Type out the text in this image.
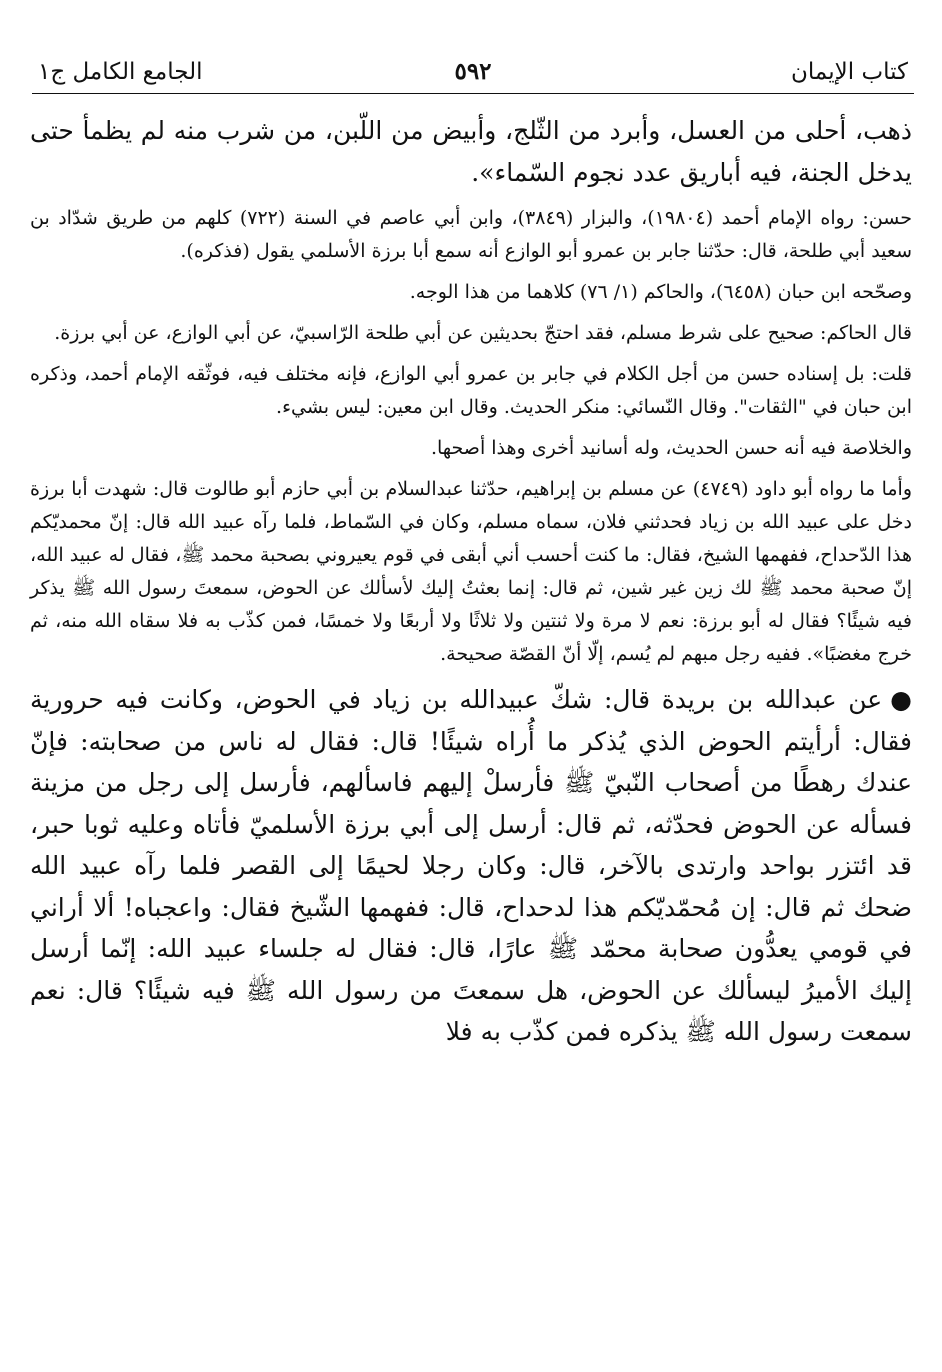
كتاب الإيمان
٥٩٢
الجامع الكامل ج١

ذهب، أحلى من العسل، وأبرد من الثّلج، وأبيض من اللّبن، من شرب منه لم يظمأ حتى يدخل الجنة، فيه أباريق عدد نجوم السّماء».

حسن: رواه الإمام أحمد (١٩٨٠٤)، والبزار (٣٨٤٩)، وابن أبي عاصم في السنة (٧٢٢) كلهم من طريق شدّاد بن سعيد أبي طلحة، قال: حدّثنا جابر بن عمرو أبو الوازع أنه سمع أبا برزة الأسلمي يقول (فذكره).

وصحّحه ابن حبان (٦٤٥٨)، والحاكم (١/ ٧٦) كلاهما من هذا الوجه.

قال الحاكم: صحيح على شرط مسلم، فقد احتجّ بحديثين عن أبي طلحة الرّاسبيّ، عن أبي الوازع، عن أبي برزة.

قلت: بل إسناده حسن من أجل الكلام في جابر بن عمرو أبي الوازع، فإنه مختلف فيه، فوثّقه الإمام أحمد، وذكره ابن حبان في "الثقات". وقال النّسائي: منكر الحديث. وقال ابن معين: ليس بشيء.

والخلاصة فيه أنه حسن الحديث، وله أسانيد أخرى وهذا أصحها.

وأما ما رواه أبو داود (٤٧٤٩) عن مسلم بن إبراهيم، حدّثنا عبدالسلام بن أبي حازم أبو طالوت قال: شهدت أبا برزة دخل على عبيد الله بن زياد فحدثني فلان، سماه مسلم، وكان في السّماط، فلما رآه عبيد الله قال: إنّ محمديّكم هذا الدّحداح، ففهمها الشيخ، فقال: ما كنت أحسب أني أبقى في قوم يعيروني بصحبة محمد ﷺ، فقال له عبيد الله، إنّ صحبة محمد ﷺ لك زين غير شين، ثم قال: إنما بعثتُ إليك لأسألك عن الحوض، سمعتَ رسول الله ﷺ يذكر فيه شيئًا؟ فقال له أبو برزة: نعم لا مرة ولا ثنتين ولا ثلاثًا ولا أربعًا ولا خمسًا، فمن كذّب به فلا سقاه الله منه، ثم خرج مغضبًا». ففيه رجل مبهم لم يُسم، إلّا أنّ القصّة صحيحة.

●عن عبدالله بن بريدة قال: شكّ عبيدالله بن زياد في الحوض، وكانت فيه حرورية فقال: أرأيتم الحوض الذي يُذكر ما أُراه شيئًا! قال: فقال له ناس من صحابته: فإنّ عندك رهطًا من أصحاب النّبيّ ﷺ فأرسلْ إليهم فاسألهم، فأرسل إلى رجل من مزينة فسأله عن الحوض فحدّثه، ثم قال: أرسل إلى أبي برزة الأسلميّ فأتاه وعليه ثوبا حبر، قد ائتزر بواحد وارتدى بالآخر، قال: وكان رجلا لحيمًا إلى القصر فلما رآه عبيد الله ضحك ثم قال: إن مُحمّديّكم هذا لدحداح، قال: ففهمها الشّيخ فقال: واعجباه! ألا أراني في قومي يعدُّون صحابة محمّد ﷺ عارًا، قال: فقال له جلساء عبيد الله: إنّما أرسل إليك الأميرُ ليسألك عن الحوض، هل سمعتَ من رسول الله ﷺ فيه شيئًا؟ قال: نعم سمعت رسول الله ﷺ يذكره فمن كذّب به فلا
